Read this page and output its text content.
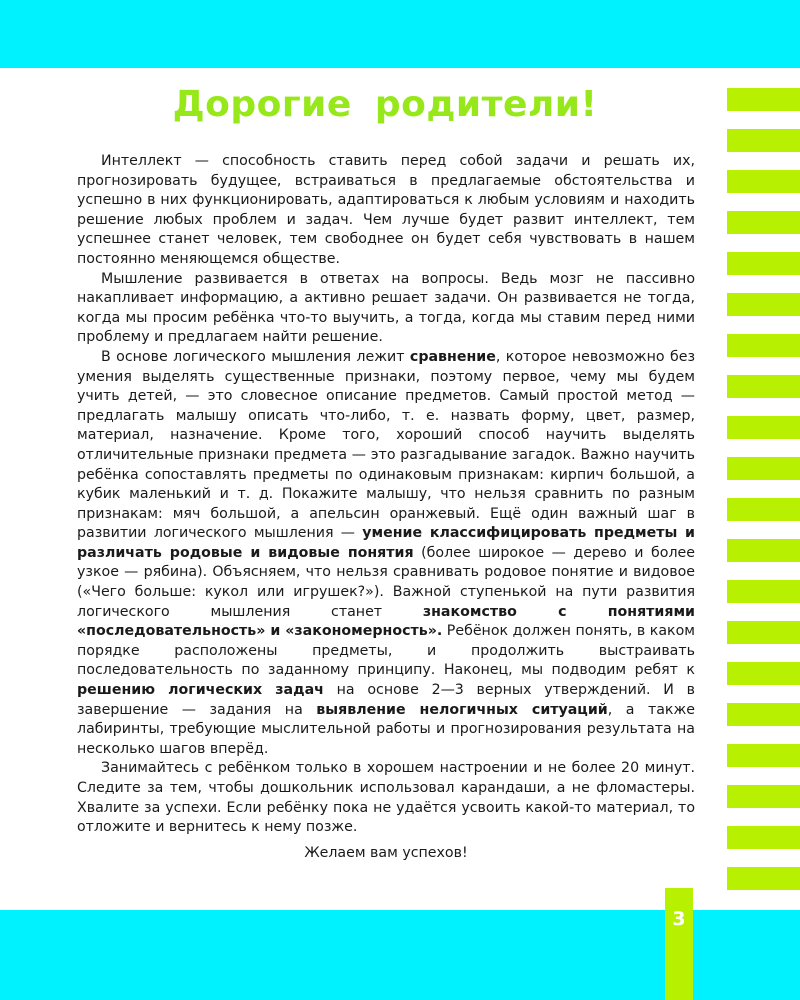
Дорогие родители!

Интеллект — способность ставить перед собой задачи и решать их, прогнозировать будущее, встраиваться в предлагаемые обстоятельства и успешно в них функционировать, адаптироваться к любым условиям и находить решение любых проблем и задач. Чем лучше будет развит интеллект, тем успешнее станет человек, тем свободнее он будет себя чувствовать в нашем постоянно меняющемся обществе.

Мышление развивается в ответах на вопросы. Ведь мозг не пассивно накапливает информацию, а активно решает задачи. Он развивается не тогда, когда мы просим ребёнка что-то выучить, а тогда, когда мы ставим перед ними проблему и предлагаем найти решение.

В основе логического мышления лежит сравнение, которое невозможно без умения выделять существенные признаки, поэтому первое, чему мы будем учить детей, — это словесное описание предметов. Самый простой метод — предлагать малышу описать что-либо, т. е. назвать форму, цвет, размер, материал, назначение. Кроме того, хороший способ научить выделять отличительные признаки предмета — это разгадывание загадок. Важно научить ребёнка сопоставлять предметы по одинаковым признакам: кирпич большой, а кубик маленький и т. д. Покажите малышу, что нельзя сравнить по разным признакам: мяч большой, а апельсин оранжевый. Ещё один важный шаг в развитии логического мышления — умение классифицировать предметы и различать родовые и видовые понятия (более широкое — дерево и более узкое — рябина). Объясняем, что нельзя сравнивать родовое понятие и видовое («Чего больше: кукол или игрушек?»). Важной ступенькой на пути развития логического мышления станет знакомство с понятиями «последовательность» и «закономерность». Ребёнок должен понять, в каком порядке расположены предметы, и продолжить выстраивать последовательность по заданному принципу. Наконец, мы подводим ребят к решению логических задач на основе 2—3 верных утверждений. И в завершение — задания на выявление нелогичных ситуаций, а также лабиринты, требующие мыслительной работы и прогнозирования результата на несколько шагов вперёд.

Занимайтесь с ребёнком только в хорошем настроении и не более 20 минут. Следите за тем, чтобы дошкольник использовал карандаши, а не фломастеры. Хвалите за успехи. Если ребёнку пока не удаётся усвоить какой-то материал, то отложите и вернитесь к нему позже.

Желаем вам успехов!

3
